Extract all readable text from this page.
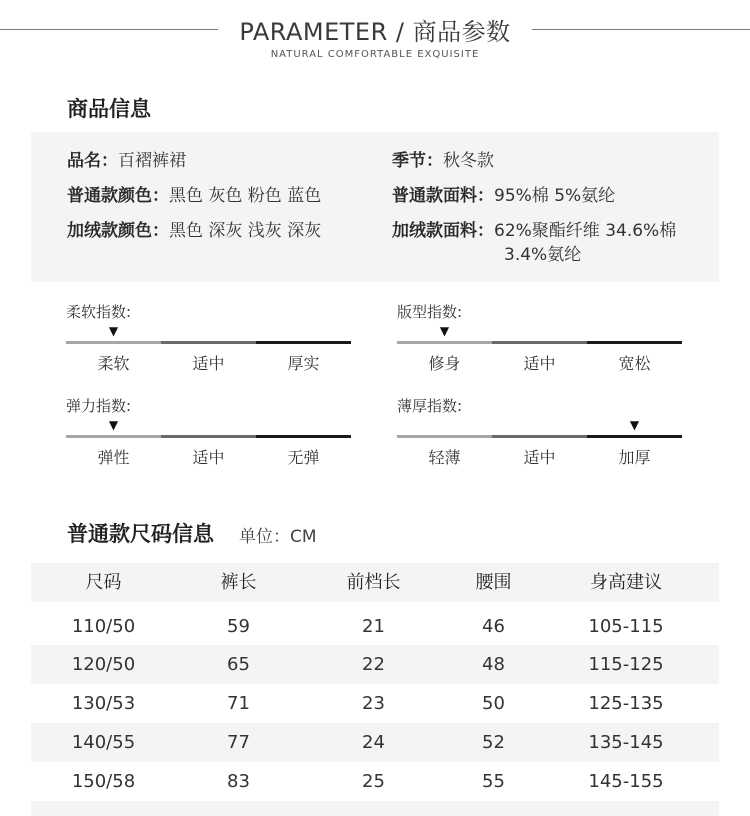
PARAMETER / 商品参数
NATURAL COMFORTABLE EXQUISITE
商品信息
品名：百褶裤裙	季节：秋冬款
普通款颜色：黑色 灰色 粉色 蓝色	普通款面料：95%棉 5%氨纶
加绒款颜色：黑色 深灰 浅灰 深灰	加绒款面料：62%聚酯纤维 34.6%棉
3.4%氨纶
柔软指数:
▼
柔软	适中	厚实
版型指数:
▼
修身	适中	宽松
弹力指数:
▼
弹性	适中	无弹
薄厚指数:
▼
轻薄	适中	加厚
普通款尺码信息 单位：CM
尺码	裤长	前档长	腰围	身高建议
110/50	59	21	46	105-115
120/50	65	22	48	115-125
130/53	71	23	50	125-135
140/55	77	24	52	135-145
150/58	83	25	55	145-155
